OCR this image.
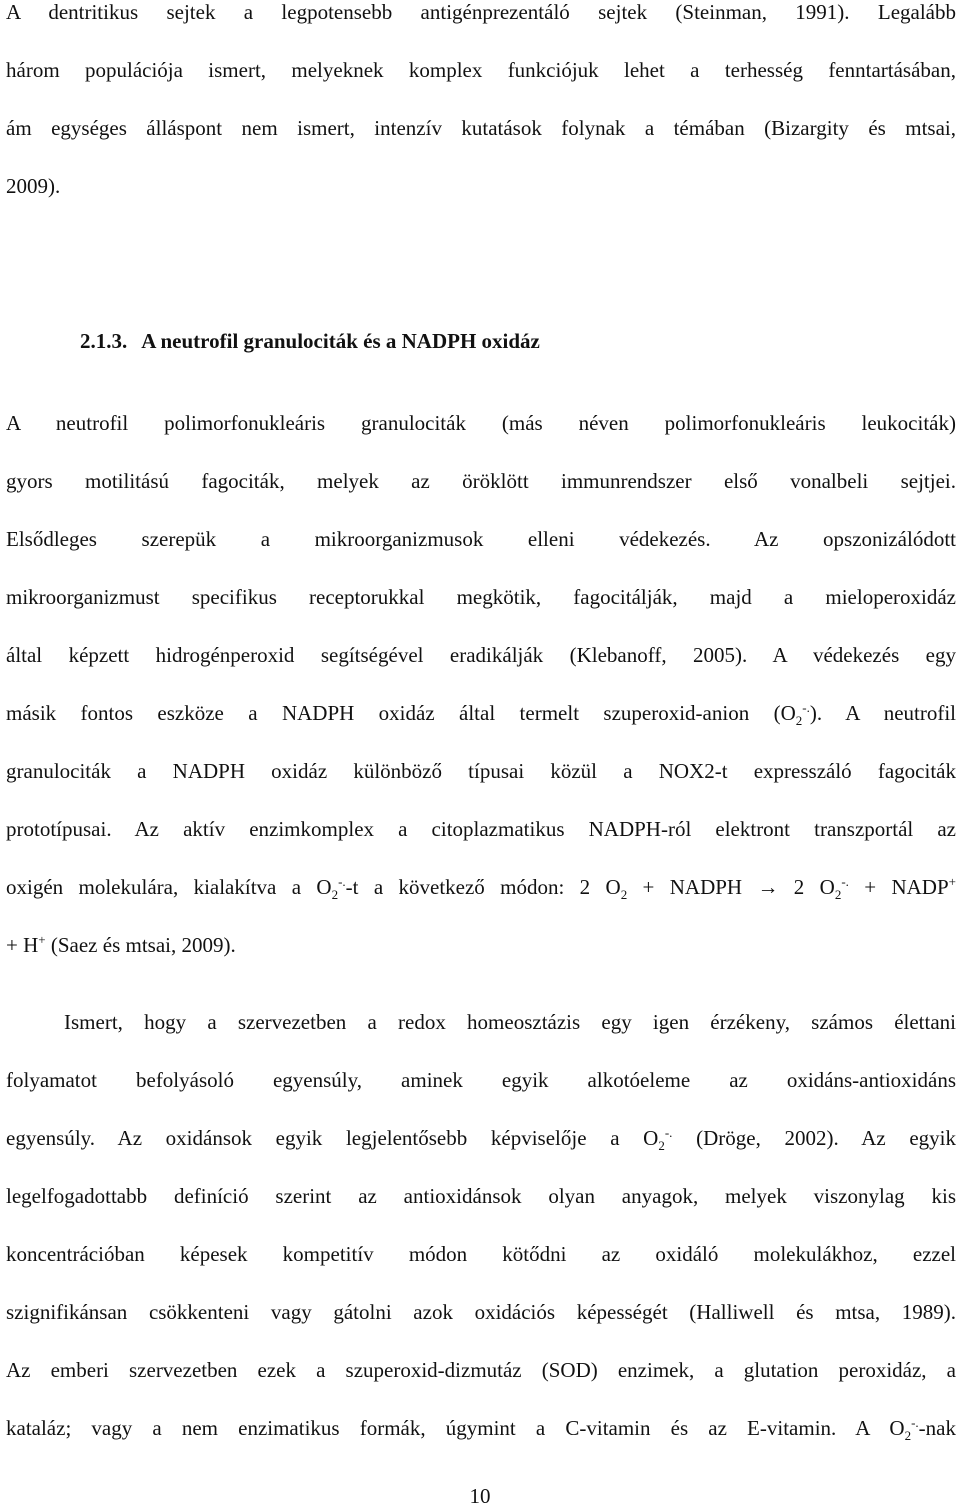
A dentritikus sejtek a legpotensebb antigénprezentáló sejtek (Steinman, 1991). Legalább
három populációja ismert, melyeknek komplex funkciójuk lehet a terhesség fenntartásában,
ám egységes álláspont nem ismert, intenzív kutatások folynak a témában (Bizargity és mtsai,
2009).
2.1.3. A neutrofil granulociták és a NADPH oxidáz
A neutrofil polimorfonukleáris granulociták (más néven polimorfonukleáris leukociták)
gyors motilitású fagociták, melyek az öröklött immunrendszer első vonalbeli sejtjei.
Elsődleges szerepük a mikroorganizmusok elleni védekezés. Az opszonizálódott
mikroorganizmust specifikus receptorukkal megkötik, fagocitálják, majd a mieloperoxidáz
által képzett hidrogénperoxid segítségével eradikálják (Klebanoff, 2005). A védekezés egy
másik fontos eszköze a NADPH oxidáz által termelt szuperoxid-anion $(O_2^{-.})$. A neutrofil
granulociták a NADPH oxidáz különböző típusai közül a NOX2-t expresszáló fagociták
prototípusai. Az aktív enzimkomplex a citoplazmatikus NADPH-ról elektront transzportál az
oxigén molekulára, kialakítva a $O_2^{-.}-t$ a következő módon: 2 $O_2$ + NADPH → 2 $O_2^{-.}$ + NADP+
+ H+ (Saez és mtsai, 2009).
Ismert, hogy a szervezetben a redox homeosztázis egy igen érzékeny, számos élettani
folyamatot befolyásoló egyensúly, aminek egyik alkotóeleme az oxidáns-antioxidáns
egyensúly. Az oxidánsok egyik legjelentősebb képviselője a $O_2^{-.}$ (Dröge, 2002). Az egyik
legelfogadottabb definíció szerint az antioxidánsok olyan anyagok, melyek viszonylag kis
koncentrációban képesek kompetitív módon kötődni az oxidáló molekulákhoz, ezzel
szignifikánsan csökkenteni vagy gátolni azok oxidációs képességét (Halliwell és mtsa, 1989).
Az emberi szervezetben ezek a szuperoxid-dizmutáz (SOD) enzimek, a glutation peroxidáz, a
kataláz; vagy a nem enzimatikus formák, úgymint a C-vitamin és az E-vitamin. A $O_2^{-.}$-nak
10
